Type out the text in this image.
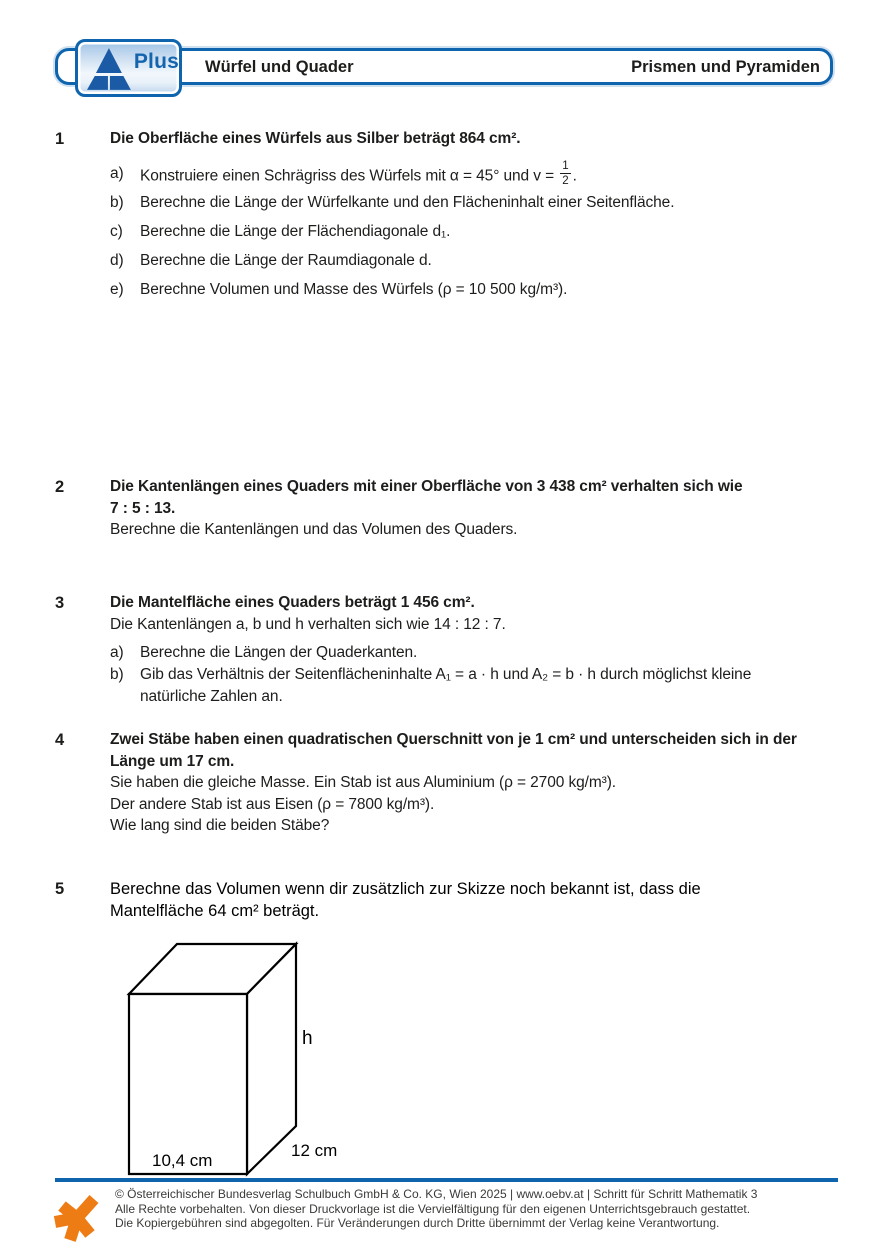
Plus Würfel und Quader	Prismen und Pyramiden
1	Die Oberfläche eines Würfels aus Silber beträgt 864 cm².
a)	Konstruiere einen Schrägriss des Würfels mit α = 45° und $v = \frac{1}{2}$ .
b)	Berechne die Länge der Würfelkante und den Flächeninhalt einer Seitenfläche.
c)	Berechne die Länge der Flächendiagonale d₁.
d)	Berechne die Länge der Raumdiagonale d.
e)	Berechne Volumen und Masse des Würfels (ρ = 10 500 kg/m³).
2	Die Kantenlängen eines Quaders mit einer Oberfläche von 3 438 cm² verhalten sich wie
7 : 5 : 13.
Berechne die Kantenlängen und das Volumen des Quaders.
3	Die Mantelfläche eines Quaders beträgt 1 456 cm².
Die Kantenlängen a, b und h verhalten sich wie 14 : 12 : 7.
a)	Berechne die Längen der Quaderkanten.
b)	Gib das Verhältnis der Seitenflächeninhalte A₁ = a · h und A₂ = b · h durch möglichst kleine
natürliche Zahlen an.
4	Zwei Stäbe haben einen quadratischen Querschnitt von je 1 cm² und unterscheiden sich in der
Länge um 17 cm.
Sie haben die gleiche Masse. Ein Stab ist aus Aluminium (ρ = 2700 kg/m³).
Der andere Stab ist aus Eisen (ρ = 7800 kg/m³).
Wie lang sind die beiden Stäbe?
5	Berechne das Volumen wenn dir zusätzlich zur Skizze noch bekannt ist, dass die
Mantelfläche 64 cm² beträgt.
h
12 cm
10,4 cm
© Österreichischer Bundesverlag Schulbuch GmbH & Co. KG, Wien 2025 | www.oebv.at | Schritt für Schritt Mathematik 3
Alle Rechte vorbehalten. Von dieser Druckvorlage ist die Vervielfältigung für den eigenen Unterrichtsgebrauch gestattet.
Die Kopiergebühren sind abgegolten. Für Veränderungen durch Dritte übernimmt der Verlag keine Verantwortung.
